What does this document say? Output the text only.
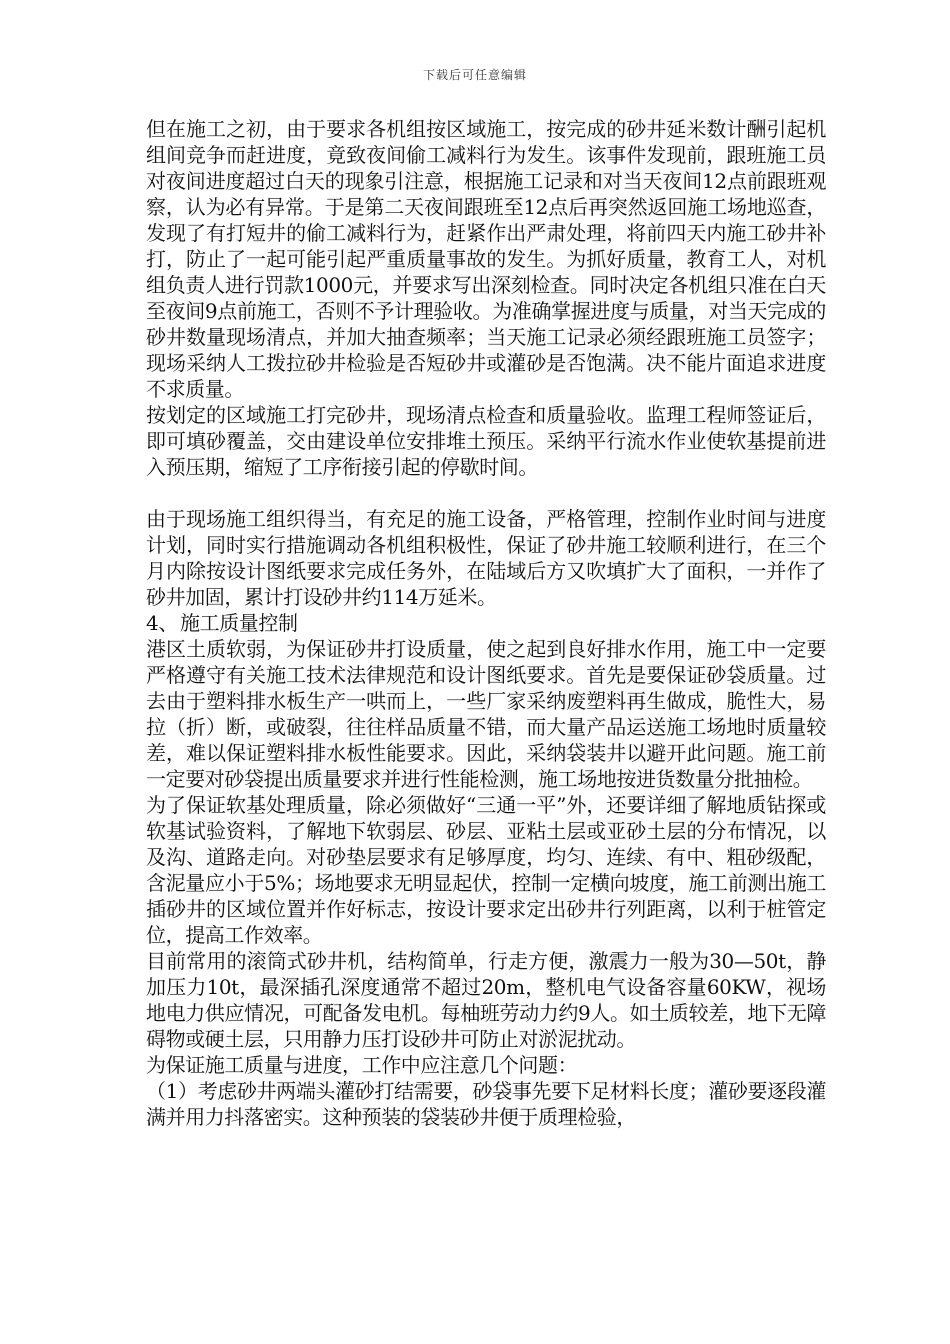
下载后可任意编辑

但在施工之初，由于要求各机组按区域施工，按完成的砂井延米数计酬引起机组间竞争而赶进度，竟致夜间偷工减料行为发生。该事件发现前，跟班施工员对夜间进度超过白天的现象引注意，根据施工记录和对当天夜间12点前跟班观察，认为必有异常。于是第二天夜间跟班至12点后再突然返回施工场地巡查，发现了有打短井的偷工减料行为，赶紧作出严肃处理，将前四天内施工砂井补打，防止了一起可能引起严重质量事故的发生。为抓好质量，教育工人，对机组负责人进行罚款1000元，并要求写出深刻检查。同时决定各机组只准在白天至夜间9点前施工，否则不予计理验收。为准确掌握进度与质量，对当天完成的砂井数量现场清点，并加大抽查频率；当天施工记录必须经跟班施工员签字；现场采纳人工拨拉砂井检验是否短砂井或灌砂是否饱满。决不能片面追求进度不求质量。

按划定的区域施工打完砂井，现场清点检查和质量验收。监理工程师签证后，即可填砂覆盖，交由建设单位安排堆土预压。采纳平行流水作业使软基提前进入预压期，缩短了工序衔接引起的停歇时间。

由于现场施工组织得当，有充足的施工设备，严格管理，控制作业时间与进度计划，同时实行措施调动各机组积极性，保证了砂井施工较顺利进行，在三个月内除按设计图纸要求完成任务外，在陆域后方又吹填扩大了面积，一并作了砂井加固，累计打设砂井约114万延米。

4、 施工质量控制

港区土质软弱，为保证砂井打设质量，使之起到良好排水作用，施工中一定要严格遵守有关施工技术法律规范和设计图纸要求。首先是要保证砂袋质量。过去由于塑料排水板生产一哄而上，一些厂家采纳废塑料再生做成，脆性大，易拉（折）断，或破裂，往往样品质量不错，而大量产品运送施工场地时质量较差，难以保证塑料排水板性能要求。因此，采纳袋装井以避开此问题。施工前一定要对砂袋提出质量要求并进行性能检测，施工场地按进货数量分批抽检。

为了保证软基处理质量，除必须做好“三通一平”外，还要详细了解地质钻探或软基试验资料，了解地下软弱层、砂层、亚粘土层或亚砂土层的分布情况，以及沟、道路走向。对砂垫层要求有足够厚度，均匀、连续、有中、粗砂级配，含泥量应小于5%；场地要求无明显起伏，控制一定横向坡度，施工前测出施工插砂井的区域位置并作好标志，按设计要求定出砂井行列距离，以利于桩管定位，提高工作效率。

目前常用的滚筒式砂井机，结构简单，行走方便，激震力一般为30—50t，静加压力10t，最深插孔深度通常不超过20m，整机电气设备容量60KW，视场地电力供应情况，可配备发电机。每柚班劳动力约9人。如土质较差，地下无障碍物或硬土层，只用静力压打设砂井可防止对淤泥扰动。

为保证施工质量与进度，工作中应注意几个问题：

（1）考虑砂井两端头灌砂打结需要，砂袋事先要下足材料长度；灌砂要逐段灌满并用力抖落密实。这种预装的袋装砂井便于质理检验，
